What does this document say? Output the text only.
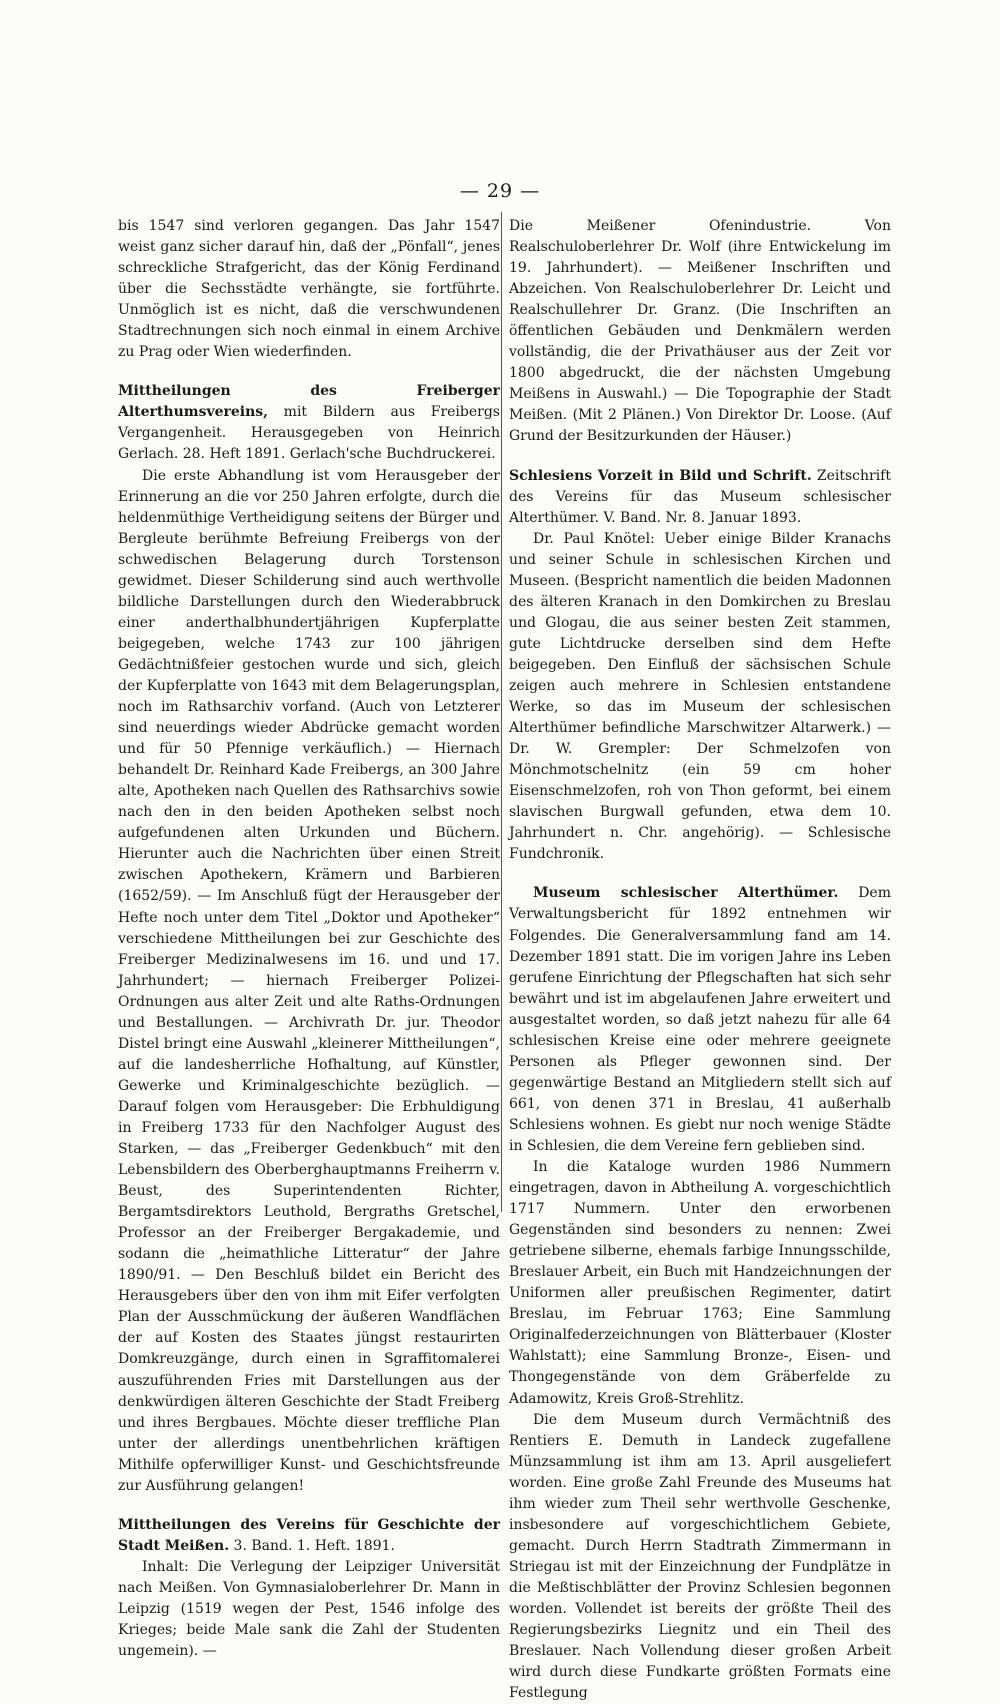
— 29 —

bis 1547 sind verloren gegangen. Das Jahr 1547 weist ganz sicher darauf hin, daß der „Pönfall“, jenes schreckliche Strafgericht, das der König Ferdinand über die Sechsstädte verhängte, sie fortführte. Unmöglich ist es nicht, daß die verschwundenen Stadtrechnungen sich noch einmal in einem Archive zu Prag oder Wien wiederfinden.

Mittheilungen des Freiberger Alterthumsvereins, mit Bildern aus Freibergs Vergangenheit. Herausgegeben von Heinrich Gerlach. 28. Heft 1891. Gerlach'sche Buchdruckerei.

Die erste Abhandlung ist vom Herausgeber der Erinnerung an die vor 250 Jahren erfolgte, durch die heldenmüthige Vertheidigung seitens der Bürger und Bergleute berühmte Befreiung Freibergs von der schwedischen Belagerung durch Torstenson gewidmet. Dieser Schilderung sind auch werthvolle bildliche Darstellungen durch den Wiederabbruck einer anderthalbhundertjährigen Kupferplatte beigegeben, welche 1743 zur 100 jährigen Gedächtnißfeier gestochen wurde und sich, gleich der Kupferplatte von 1643 mit dem Belagerungsplan, noch im Rathsarchiv vorfand. (Auch von Letzterer sind neuerdings wieder Abdrücke gemacht worden und für 50 Pfennige verkäuflich.) — Hiernach behandelt Dr. Reinhard Kade Freibergs, an 300 Jahre alte, Apotheken nach Quellen des Rathsarchivs sowie nach den in den beiden Apotheken selbst noch aufgefundenen alten Urkunden und Büchern. Hierunter auch die Nachrichten über einen Streit zwischen Apothekern, Krämern und Barbieren (1652/59). — Im Anschluß fügt der Herausgeber der Hefte noch unter dem Titel „Doktor und Apotheker“ verschiedene Mittheilungen bei zur Geschichte des Freiberger Medizinalwesens im 16. und und 17. Jahrhundert; — hiernach Freiberger Polizei-Ordnungen aus alter Zeit und alte Raths-Ordnungen und Bestallungen. — Archivrath Dr. jur. Theodor Distel bringt eine Auswahl „kleinerer Mittheilungen“, auf die landesherrliche Hofhaltung, auf Künstler, Gewerke und Kriminalgeschichte bezüglich. — Darauf folgen vom Herausgeber: Die Erbhuldigung in Freiberg 1733 für den Nachfolger August des Starken, — das „Freiberger Gedenkbuch“ mit den Lebensbildern des Oberberghauptmanns Freiherrn v. Beust, des Superintendenten Richter, Bergamtsdirektors Leuthold, Bergraths Gretschel, Professor an der Freiberger Bergakademie, und sodann die „heimathliche Litteratur“ der Jahre 1890/91. — Den Beschluß bildet ein Bericht des Herausgebers über den von ihm mit Eifer verfolgten Plan der Ausschmückung der äußeren Wandflächen der auf Kosten des Staates jüngst restaurirten Domkreuzgänge, durch einen in Sgraffitomalerei auszuführenden Fries mit Darstellungen aus der denkwürdigen älteren Geschichte der Stadt Freiberg und ihres Bergbaues. Möchte dieser treffliche Plan unter der allerdings unentbehrlichen kräftigen Mithilfe opferwilliger Kunst- und Geschichtsfreunde zur Ausführung gelangen!

Mittheilungen des Vereins für Geschichte der Stadt Meißen. 3. Band. 1. Heft. 1891.

Inhalt: Die Verlegung der Leipziger Universität nach Meißen. Von Gymnasialoberlehrer Dr. Mann in Leipzig (1519 wegen der Pest, 1546 infolge des Krieges; beide Male sank die Zahl der Studenten ungemein). —

Die Meißener Ofenindustrie. Von Realschuloberlehrer Dr. Wolf (ihre Entwickelung im 19. Jahrhundert). — Meißener Inschriften und Abzeichen. Von Realschuloberlehrer Dr. Leicht und Realschullehrer Dr. Granz. (Die Inschriften an öffentlichen Gebäuden und Denkmälern werden vollständig, die der Privathäuser aus der Zeit vor 1800 abgedruckt, die der nächsten Umgebung Meißens in Auswahl.) — Die Topographie der Stadt Meißen. (Mit 2 Plänen.) Von Direktor Dr. Loose. (Auf Grund der Besitzurkunden der Häuser.)

Schlesiens Vorzeit in Bild und Schrift. Zeitschrift des Vereins für das Museum schlesischer Alterthümer. V. Band. Nr. 8. Januar 1893.

Dr. Paul Knötel: Ueber einige Bilder Kranachs und seiner Schule in schlesischen Kirchen und Museen. (Bespricht namentlich die beiden Madonnen des älteren Kranach in den Domkirchen zu Breslau und Glogau, die aus seiner besten Zeit stammen, gute Lichtdrucke derselben sind dem Hefte beigegeben. Den Einfluß der sächsischen Schule zeigen auch mehrere in Schlesien entstandene Werke, so das im Museum der schlesischen Alterthümer befindliche Marschwitzer Altarwerk.) — Dr. W. Grempler: Der Schmelzofen von Mönchmotschelnitz (ein 59 cm hoher Eisenschmelzofen, roh von Thon geformt, bei einem slavischen Burgwall gefunden, etwa dem 10. Jahrhundert n. Chr. angehörig). — Schlesische Fundchronik.

Museum schlesischer Alterthümer. Dem Verwaltungsbericht für 1892 entnehmen wir Folgendes. Die Generalversammlung fand am 14. Dezember 1891 statt. Die im vorigen Jahre ins Leben gerufene Einrichtung der Pflegschaften hat sich sehr bewährt und ist im abgelaufenen Jahre erweitert und ausgestaltet worden, so daß jetzt nahezu für alle 64 schlesischen Kreise eine oder mehrere geeignete Personen als Pfleger gewonnen sind. Der gegenwärtige Bestand an Mitgliedern stellt sich auf 661, von denen 371 in Breslau, 41 außerhalb Schlesiens wohnen. Es giebt nur noch wenige Städte in Schlesien, die dem Vereine fern geblieben sind.

In die Kataloge wurden 1986 Nummern eingetragen, davon in Abtheilung A. vorgeschichtlich 1717 Nummern. Unter den erworbenen Gegenständen sind besonders zu nennen: Zwei getriebene silberne, ehemals farbige Innungsschilde, Breslauer Arbeit, ein Buch mit Handzeichnungen der Uniformen aller preußischen Regimenter, datirt Breslau, im Februar 1763; Eine Sammlung Originalfederzeichnungen von Blätterbauer (Kloster Wahlstatt); eine Sammlung Bronze-, Eisen- und Thongegenstände von dem Gräberfelde zu Adamowitz, Kreis Groß-Strehlitz.

Die dem Museum durch Vermächtniß des Rentiers E. Demuth in Landeck zugefallene Münzsammlung ist ihm am 13. April ausgeliefert worden. Eine große Zahl Freunde des Museums hat ihm wieder zum Theil sehr werthvolle Geschenke, insbesondere auf vorgeschichtlichem Gebiete, gemacht. Durch Herrn Stadtrath Zimmermann in Striegau ist mit der Einzeichnung der Fundplätze in die Meßtischblätter der Provinz Schlesien begonnen worden. Vollendet ist bereits der größte Theil des Regierungsbezirks Liegnitz und ein Theil des Breslauer. Nach Vollendung dieser großen Arbeit wird durch diese Fundkarte größten Formats eine Festlegung
